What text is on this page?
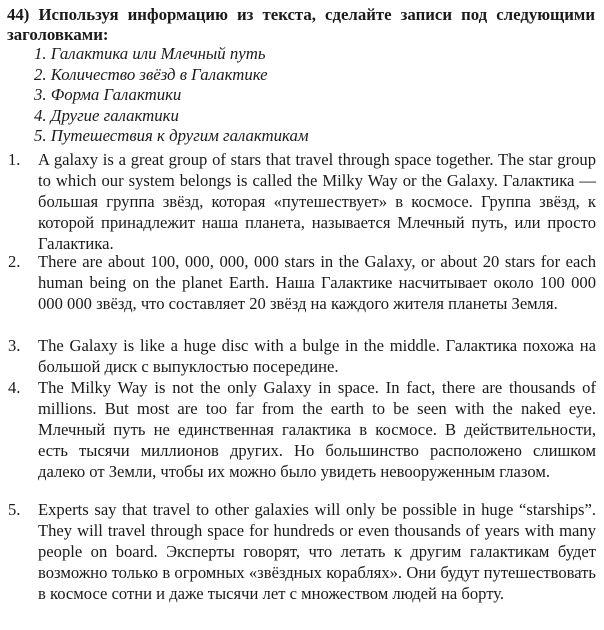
44) Используя информацию из текста, сделайте записи под следующими заголовками:
1. Галактика или Млечный путь
2. Количество звёзд в Галактике
3. Форма Галактики
4. Другие галактики
5. Путешествия к другим галактикам
1. A galaxy is a great group of stars that travel through space together. The star group to which our system belongs is called the Milky Way or the Galaxy. Галактика — большая группа звёзд, которая «путешествует» в космосе. Группа звёзд, к которой принадлежит наша планета, называется Млечный путь, или просто Галактика.
2. There are about 100, 000, 000, 000 stars in the Galaxy, or about 20 stars for each human being on the planet Earth. Наша Галактике насчитывает около 100 000 000 000 звёзд, что составляет 20 звёзд на каждого жителя планеты Земля.
3. The Galaxy is like a huge disc with a bulge in the middle. Галактика похожа на большой диск с выпуклостью посередине.
4. The Milky Way is not the only Galaxy in space. In fact, there are thousands of millions. But most are too far from the earth to be seen with the naked eye. Млечный путь не единственная галактика в космосе. В действительности, есть тысячи миллионов других. Но большинство расположено слишком далеко от Земли, чтобы их можно было увидеть невооруженным глазом.
5. Experts say that travel to other galaxies will only be possible in huge “starships”. They will travel through space for hundreds or even thousands of years with many people on board. Эксперты говорят, что летать к другим галактикам будет возможно только в огромных «звёздных кораблях». Они будут путешествовать в космосе сотни и даже тысячи лет с множеством людей на борту.
